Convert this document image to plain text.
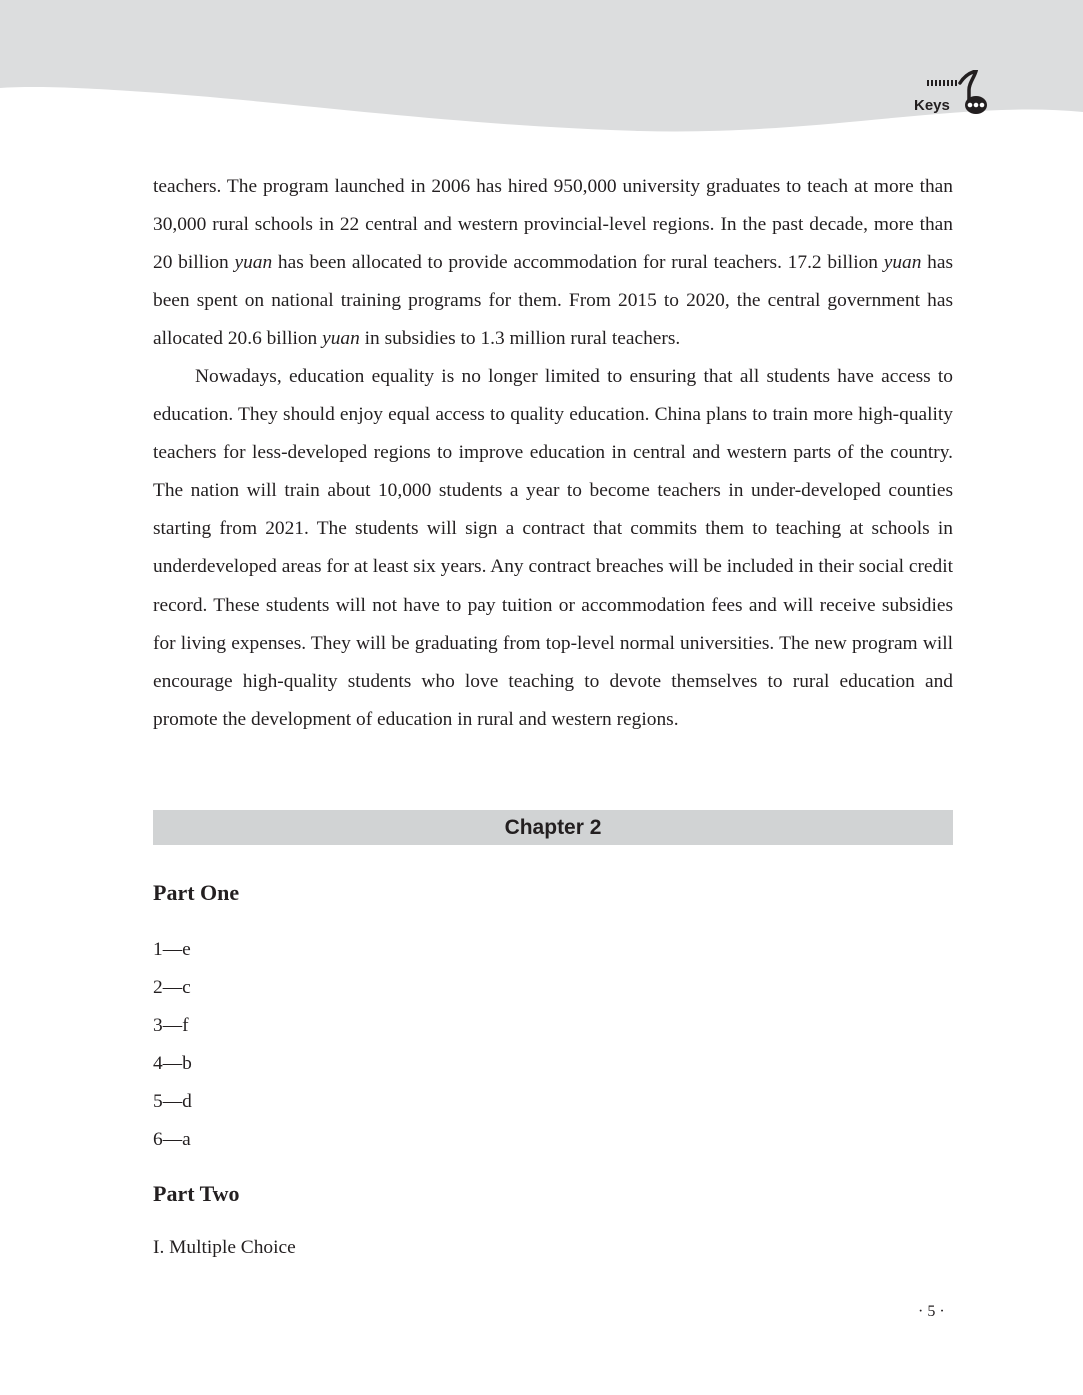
Keys

teachers. The program launched in 2006 has hired 950,000 university graduates to teach at more than 30,000 rural schools in 22 central and western provincial-level regions. In the past decade, more than 20 billion yuan has been allocated to provide accommodation for rural teachers. 17.2 billion yuan has been spent on national training programs for them. From 2015 to 2020, the central government has allocated 20.6 billion yuan in subsidies to 1.3 million rural teachers.

Nowadays, education equality is no longer limited to ensuring that all students have access to education. They should enjoy equal access to quality education. China plans to train more high-quality teachers for less-developed regions to improve education in central and western parts of the country. The nation will train about 10,000 students a year to become teachers in under-developed counties starting from 2021. The students will sign a contract that commits them to teaching at schools in underdeveloped areas for at least six years. Any contract breaches will be included in their social credit record. These students will not have to pay tuition or accommodation fees and will receive subsidies for living expenses. They will be graduating from top-level normal universities. The new program will encourage high-quality students who love teaching to devote themselves to rural education and promote the development of education in rural and western regions.

Chapter 2
Part One
1—e
2—c
3—f
4—b
5—d
6—a
Part Two
I. Multiple Choice
· 5 ·
